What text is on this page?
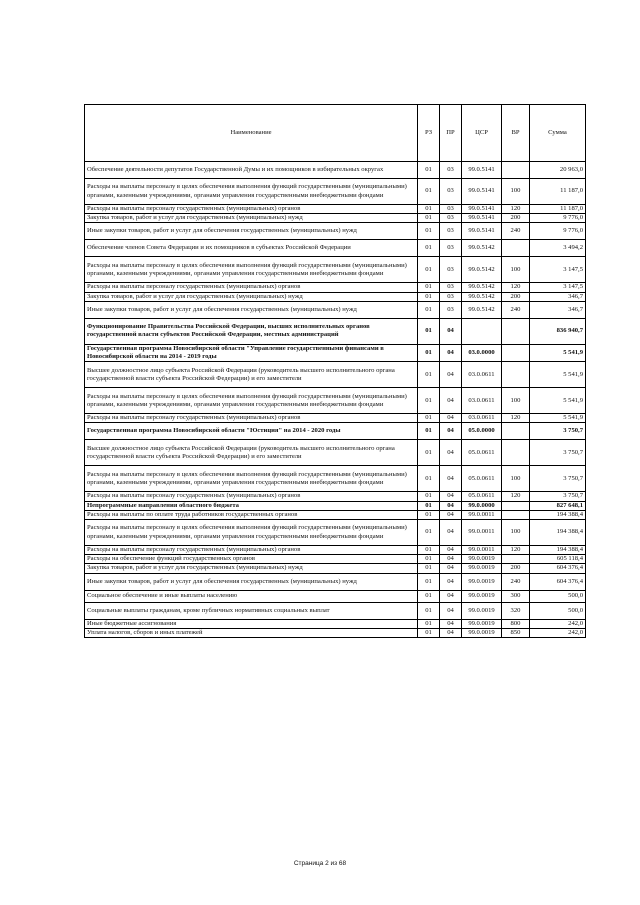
Наименование	РЗ	ПР	ЦСР	ВР	Сумма
Обеспечение деятельности депутатов Государственной Думы и их помощников в избирательных округах	01	03	99.0.5141		20 963,0
Расходы на выплаты персоналу в целях обеспечения выполнения функций государственными (муниципальными) органами, казенными учреждениями, органами управления государственными внебюджетными фондами	01	03	99.0.5141	100	11 187,0
Расходы на выплаты персоналу государственных (муниципальных) органов	01	03	99.0.5141	120	11 187,0
Закупка товаров, работ и услуг для государственных (муниципальных) нужд	01	03	99.0.5141	200	9 776,0
Иные закупки товаров, работ и услуг для обеспечения государственных (муниципальных) нужд	01	03	99.0.5141	240	9 776,0
Обеспечение членов Совета Федерации и их помощников в субъектах Российской Федерации	01	03	99.0.5142		3 494,2
Расходы на выплаты персоналу в целях обеспечения выполнения функций государственными (муниципальными) органами, казенными учреждениями, органами управления государственными внебюджетными фондами	01	03	99.0.5142	100	3 147,5
Расходы на выплаты персоналу государственных (муниципальных) органов	01	03	99.0.5142	120	3 147,5
Закупка товаров, работ и услуг для государственных (муниципальных) нужд	01	03	99.0.5142	200	346,7
Иные закупки товаров, работ и услуг для обеспечения государственных (муниципальных) нужд	01	03	99.0.5142	240	346,7
Функционирование Правительства Российской Федерации, высших исполнительных органов государственной власти субъектов Российской Федерации, местных администраций	01	04			836 940,7
Государственная программа Новосибирской области "Управление государственными финансами в Новосибирской области на 2014 - 2019 годы	01	04	03.0.0000		5 541,9
Высшее должностное лицо субъекта Российской Федерации (руководитель высшего исполнительного органа государственной власти субъекта Российской Федерации) и его заместители	01	04	03.0.0611		5 541,9
Расходы на выплаты персоналу в целях обеспечения выполнения функций государственными (муниципальными) органами, казенными учреждениями, органами управления государственными внебюджетными фондами	01	04	03.0.0611	100	5 541,9
Расходы на выплаты персоналу государственных (муниципальных) органов	01	04	03.0.0611	120	5 541,9
Государственная программа Новосибирской области "Юстиция" на 2014 - 2020 годы	01	04	05.0.0000		3 750,7
Высшее должностное лицо субъекта Российской Федерации (руководитель высшего исполнительного органа государственной власти субъекта Российской Федерации) и его заместители	01	04	05.0.0611		3 750,7
Расходы на выплаты персоналу в целях обеспечения выполнения функций государственными (муниципальными) органами, казенными учреждениями, органами управления государственными внебюджетными фондами	01	04	05.0.0611	100	3 750,7
Расходы на выплаты персоналу государственных (муниципальных) органов	01	04	05.0.0611	120	3 750,7
Непрограммные направления областного бюджета	01	04	99.0.0000		827 648,1
Расходы на выплаты по оплате труда работников государственных органов	01	04	99.0.0011		194 388,4
Расходы на выплаты персоналу в целях обеспечения выполнения функций государственными (муниципальными) органами, казенными учреждениями, органами управления государственными внебюджетными фондами	01	04	99.0.0011	100	194 388,4
Расходы на выплаты персоналу государственных (муниципальных) органов	01	04	99.0.0011	120	194 388,4
Расходы на обеспечение функций государственных органов	01	04	99.0.0019		605 118,4
Закупка товаров, работ и услуг для государственных (муниципальных) нужд	01	04	99.0.0019	200	604 376,4
Иные закупки товаров, работ и услуг для обеспечения государственных (муниципальных) нужд	01	04	99.0.0019	240	604 376,4
Социальное обеспечение и иные выплаты населению	01	04	99.0.0019	300	500,0
Социальные выплаты гражданам, кроме публичных нормативных социальных выплат	01	04	99.0.0019	320	500,0
Иные бюджетные ассигнования	01	04	99.0.0019	800	242,0
Уплата налогов, сборов и иных платежей	01	04	99.0.0019	850	242,0
Страница 2 из 68
